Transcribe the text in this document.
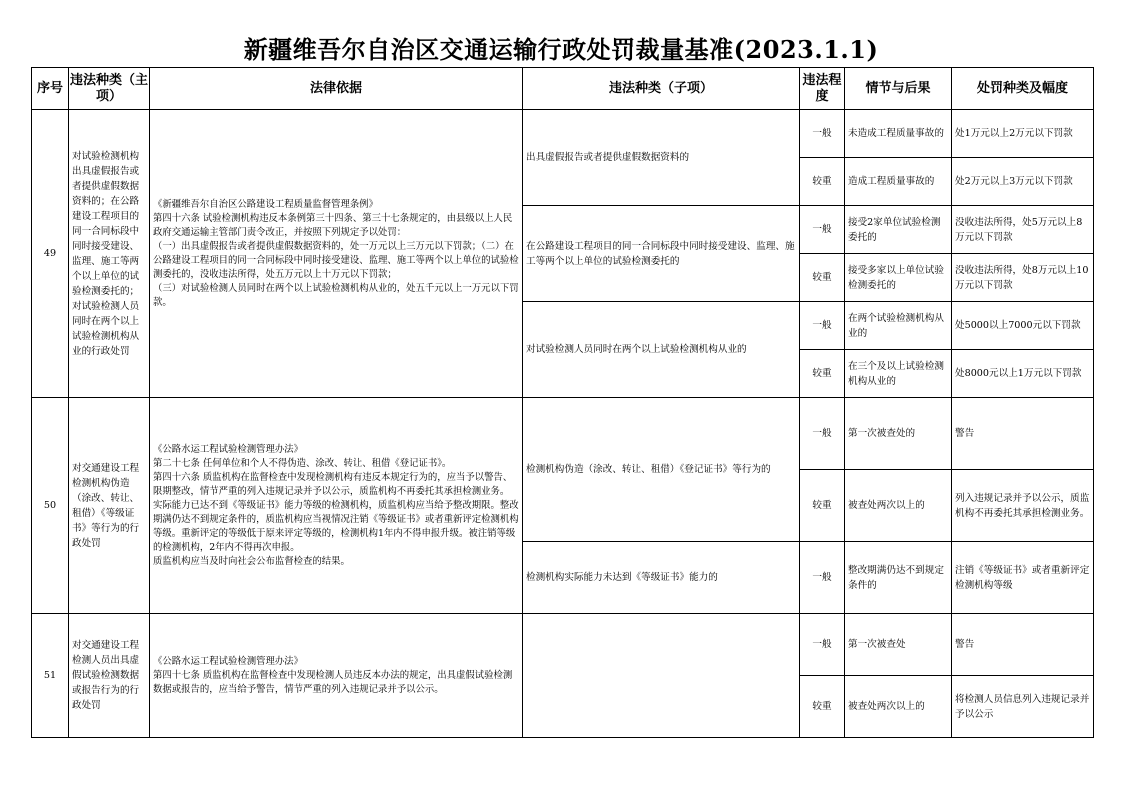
新疆维吾尔自治区交通运输行政处罚裁量基准(2023.1.1)
序号	违法种类（主项）	法律依据	违法种类（子项）	违法程度	情节与后果	处罚种类及幅度
49	对试验检测机构出具虚假报告或者提供虚假数据资料的；在公路建设工程项目的同一合同标段中同时接受建设、监理、施工等两个以上单位的试验检测委托的；对试验检测人员同时在两个以上试验检测机构从业的行政处罚	《新疆维吾尔自治区公路建设工程质量监督管理条例》
第四十六条 试验检测机构违反本条例第三十四条、第三十七条规定的，由县级以上人民政府交通运输主管部门责令改正，并按照下列规定予以处罚：
（一）出具虚假报告或者提供虚假数据资料的，处一万元以上三万元以下罚款；（二）在公路建设工程项目的同一合同标段中同时接受建设、监理、施工等两个以上单位的试验检测委托的，没收违法所得，处五万元以上十万元以下罚款；
（三）对试验检测人员同时在两个以上试验检测机构从业的，处五千元以上一万元以下罚款。	出具虚假报告或者提供虚假数据资料的	一般	未造成工程质量事故的	处1万元以上2万元以下罚款
				较重	造成工程质量事故的	处2万元以上3万元以下罚款
			在公路建设工程项目的同一合同标段中同时接受建设、监理、施工等两个以上单位的试验检测委托的	一般	接受2家单位试验检测委托的	没收违法所得，处5万元以上8万元以下罚款
				较重	接受多家以上单位试验检测委托的	没收违法所得，处8万元以上10万元以下罚款
			对试验检测人员同时在两个以上试验检测机构从业的	一般	在两个试验检测机构从业的	处5000以上7000元以下罚款
				较重	在三个及以上试验检测机构从业的	处8000元以上1万元以下罚款
50	对交通建设工程检测机构伪造（涂改、转让、租借）《等级证书》等行为的行政处罚	《公路水运工程试验检测管理办法》
第二十七条 任何单位和个人不得伪造、涂改、转让、租借《登记证书》。
第四十六条 质监机构在监督检查中发现检测机构有违反本规定行为的，应当予以警告、限期整改，情节严重的列入违规记录并予以公示，质监机构不再委托其承担检测业务。
实际能力已达不到《等级证书》能力等级的检测机构，质监机构应当给予整改期限。整改期满仍达不到规定条件的，质监机构应当视情况注销《等级证书》或者重新评定检测机构等级。重新评定的等级低于原来评定等级的，检测机构1年内不得申报升级。被注销等级的检测机构，2年内不得再次申报。
质监机构应当及时向社会公布监督检查的结果。	检测机构伪造（涂改、转让、租借）《登记证书》等行为的	一般	第一次被查处的	警告
				较重	被查处两次以上的	列入违规记录并予以公示，质监机构不再委托其承担检测业务。
			检测机构实际能力未达到《等级证书》能力的	一般	整改期满仍达不到规定条件的	注销《等级证书》或者重新评定检测机构等级
51	对交通建设工程检测人员出具虚假试验检测数据或报告行为的行政处罚	《公路水运工程试验检测管理办法》
第四十七条 质监机构在监督检查中发现检测人员违反本办法的规定，出具虚假试验检测数据或报告的，应当给予警告，情节严重的列入违规记录并予以公示。		一般	第一次被查处	警告
				较重	被查处两次以上的	将检测人员信息列入违规记录并予以公示
